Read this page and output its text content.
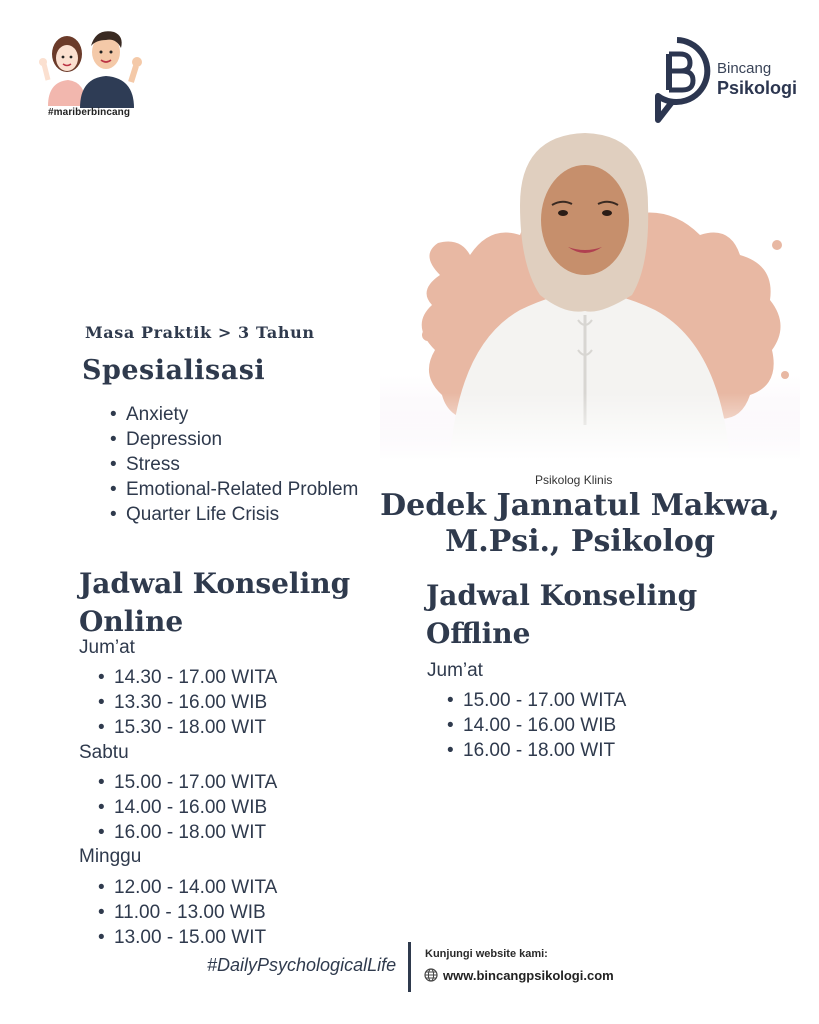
#mariberbincang
Bincang
Psikologi
Masa Praktik > 3 Tahun
Spesialisasi
• Anxiety
• Depression
• Stress
• Emotional-Related Problem
• Quarter Life Crisis
Jadwal Konseling
Online
Jum’at
• 14.30 - 17.00 WITA
• 13.30 - 16.00 WIB
• 15.30 - 18.00 WIT
Sabtu
• 15.00 - 17.00 WITA
• 14.00 - 16.00 WIB
• 16.00 - 18.00 WIT
Minggu
• 12.00 - 14.00 WITA
• 11.00 - 13.00 WIB
• 13.00 - 15.00 WIT
Psikolog Klinis
Dedek Jannatul Makwa,
M.Psi., Psikolog
Jadwal Konseling
Offline
Jum’at
• 15.00 - 17.00 WITA
• 14.00 - 16.00 WIB
• 16.00 - 18.00 WIT
#DailyPsychologicalLife
Kunjungi website kami:
www.bincangpsikologi.com
